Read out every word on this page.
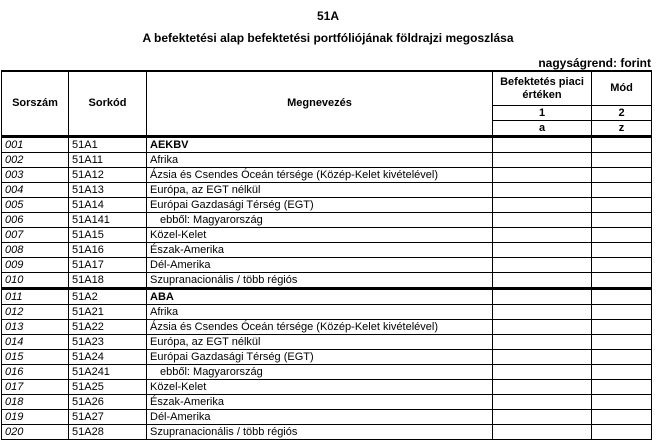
51A
A befektetési alap befektetési portfóliójának földrajzi megoszlása
nagyságrend: forint
Sorszám	Sorkód	Megnevezés	Befektetés piaci értéken	Mód
			1	2
			a	z
001	51A1	AEKBV		
002	51A11	Afrika		
003	51A12	Ázsia és Csendes Óceán térsége (Közép-Kelet kivételével)		
004	51A13	Európa, az EGT nélkül		
005	51A14	Európai Gazdasági Térség (EGT)		
006	51A141	ebből: Magyarország		
007	51A15	Közel-Kelet		
008	51A16	Észak-Amerika		
009	51A17	Dél-Amerika		
010	51A18	Szupranacionális / több régiós		
011	51A2	ABA		
012	51A21	Afrika		
013	51A22	Ázsia és Csendes Óceán térsége (Közép-Kelet kivételével)		
014	51A23	Európa, az EGT nélkül		
015	51A24	Európai Gazdasági Térség (EGT)		
016	51A241	ebből: Magyarország		
017	51A25	Közel-Kelet		
018	51A26	Észak-Amerika		
019	51A27	Dél-Amerika		
020	51A28	Szupranacionális / több régiós		
